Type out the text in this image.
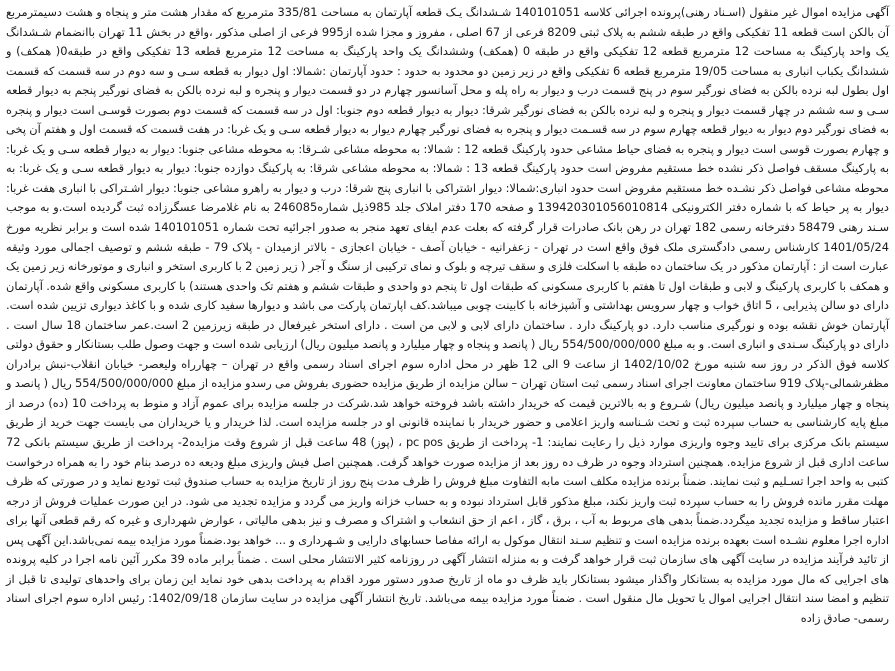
آگهی مزایده اموال غیر منقول (اسـناد رهنی)پرونده اجرائی کلاسه 140101051 شـشدانگ یـک قطعه آپارتمان به مساحت 335/81 مترمربع که مقدار هشت متر و پنجاه و هشت دسیمترمربع آن بالکن است قطعه 11 تفکیکی واقع در طبقه ششم به پلاک ثبتی 8209 فرعی از 67 اصلی ، مفروز و مجزا شده از995 فرعی از اصلی مذکور ،واقع در بخش 11 تهران باانضمام شـشدانگ یک واحد پارکینگ به مساحت 12 مترمربع قطعه 12 تفکیکی واقع در طبقه 0 (همکف) وششدانگ یک واحد پارکینگ به مساحت 12 مترمربع قطعه 13 تفکیکی واقع در طبقه0( همکف) و ششدانگ یکباب انباری به مساحت 19/05 مترمربع قطعه 6 تفکیکی واقع در زیر زمین دو محدود به حدود : حدود آپارتمان :شمالا: اول دیوار به قطعه سـی و سه دوم در سه قسمت که قسمت اول بطول لبه نرده بالکن به فضای نورگیر سوم در پنج قسمت درب و دیوار به راه پله و محل آسانسور چهارم در دو قسمت دیوار و پنجره و لبه نرده بالکن به فضای نورگیر پنجم به دیوار قطعه سـی و سه ششم در چهار قسمت دیوار و پنجره و لبه نرده بالکن به فضای نورگیر شرقا: دیوار به دیوار قطعه دوم جنوبا: اول در سه قسمت که قسمت دوم بصورت قوسـی است دیوار و پنجره به فضای نورگیر دوم دیوار به دیوار قطعه چهارم سوم در سه قسـمت دیوار و پنجره به فضای نورگیر چهارم دیوار به دیوار قطعه سـی و یک غربا: در هفت قسمت که قسمت اول و هفتم آن پخی و چهارم بصورت قوسی است دیوار و پنجره به فضای حیاط مشاعی حدود پارکینگ قطعه 12 : شمالا: به محوطه مشاعی شـرقا: به محوطه مشاعی جنوبا: دیوار به دیوار قطعه سـی و یک غربا: به پارکینگ مسقف فواصل ذکر نشده خط مستقیم مفروض است حدود پارکینگ قطعه 13 : شمالا: به محوطه مشاعی شرقا: به پارکینگ دوازده جنوبا: دیوار به دیوار قطعه سـی و یک غربا: به محوطه مشاعی فواصل ذکر نشـده خط مستقیم مفروض است حدود انباری:شمالا: دیوار اشتراکی با انباری پنج شرقا: درب و دیوار به راهرو مشاعی جنوبا: دیوار اشـتراکی با انباری هفت غربا: دیوار به پر حیاط که با شماره دفتر الکترونیکی 139420301056010814 و صفحه 170 دفتر املاک جلد 985ذیل شماره246085 به نام غلامرضا عسگرزاده ثبت گردیده است.و به موجب سـند رهنی 58479 دفترخانه رسمی 182 تهران در رهن بانک صادرات قرار گرفته که بعلت عدم ایفای تعهد منجر به صدور اجرائیه تحت شماره 140101051 شده است و برابر نظریه مورخ 1401/05/24 کارشناس رسمی دادگستری ملک فوق واقع است در تهران - زعفرانیه - خیابان آصف - خیابان اعجازی - بالاتر ازمیدان - پلاک 79 - طبقه ششم و توصیف اجمالی مورد وثیقه عبارت است از : آپارتمان مذکور در یک ساختمان ده طبقه با اسکلت فلزی و سقف تیرچه و بلوک و نمای ترکیبی از سنگ و آجر ( زیر زمین 2 با کاربری استخر و انباری و موتورخانه زیر زمین یک و همکف با کاربری پارکینگ و لابی و طبقات اول تا هفتم با کاربری مسکونی که طبقات اول تا پنجم دو واحدی و طبقات ششم و هفتم تک واحدی هستند) با کاربری مسکونی واقع شده. آپارتمان دارای دو سالن پذیرایی ، 5 اتاق خواب و چهار سرویس بهداشتی و آشپزخانه با کابینت چوبی میباشد.کف اپارتمان پارکت می باشد و دیوارها سفید کاری شده و با کاغذ دیواری تزیین شده است. آپارتمان خوش نقشه بوده و نورگیری مناسب دارد. دو پارکینگ دارد . ساختمان دارای لابی و لابی من است . دارای استخر غیرفعال در طبقه زیرزمین 2 است.عمر ساختمان 18 سال است . دارای دو پارکینگ سـندی و انباری است. و به مبلغ 554/500/000/000 ریال ( پانصد و پنجاه و چهار میلیارد و پانصد میلیون ریال) ارزیابی شده است و جهت وصول طلب بستانکار و حقوق دولتی کلاسه فوق الذکر در روز سه شنبه مورخ 1402/10/02 از ساعت 9 الی 12 ظهر در محل اداره سوم اجرای اسناد رسمی واقع در تهران – چهارراه ولیعصر- خیابان انقلاب-نبش برادران مظفرشمالی-پلاک 919 ساختمان معاونت اجرای اسناد رسمی ثبت استان تهران – سالن مزایده از طریق مزایده حضوری بفروش می رسدو مزایده از مبلغ 554/500/000/000 ریال ( پانصد و پنجاه و چهار میلیارد و پانصد میلیون ریال) شـروع و به بالاترین قیمت که خریدار داشته باشد فروخته خواهد شد.شرکت در جلسه مزایده برای عموم آزاد و منوط به پرداخت 10 (ده) درصد از مبلغ پایه کارشناسی به حساب سپرده ثبت و تحت شـناسه واریز اعلامی و حضور خریدار با نماینده قانونی او در جلسه مزایده است. لذا خریدار و یا خریداران می بایست جهت خرید از طریق سیستم بانک مرکزی برای تایید وجوه واریزی موارد ذیل را رعایت نمایند: 1- پرداخت از طریق pc pos ، (پوز) 48 ساعت قبل از شروع وقت مزایده2- پرداخت از طریق سیستم بانکی 72 ساعت اداری قبل از شروع مزایده. همچنین استرداد وجوه در ظرف ده روز بعد از مزایده صورت خواهد گرفت. همچنین اصل فیش واریزی مبلغ ودیعه ده درصد بنام خود را به همراه درخواست کتبی به واحد اجرا تسـلیم و ثبت نمایند. ضمناً برنده مزایده مکلف است مابه التفاوت مبلغ فروش را ظرف مدت پنج روز از تاریخ مزایده به حساب صندوق ثبت تودیع نماید و در صورتی که ظرف مهلت مقرر مانده فروش را به حساب سپرده ثبت واریز نکند، مبلغ مذکور قابل استرداد نبوده و به حساب خزانه واریز می گردد و مزایده تجدید می شود. در این صورت عملیات فروش از درجه اعتبار ساقط و مزایده تجدید میگردد.ضمناً بدهی های مربوط به آب ، برق ، گاز ، اعم از حق انشعاب و اشتراک و مصرف و نیز بدهی مالیاتی ، عوارض شهرداری و غیره که رقم قطعی آنها برای اداره اجرا معلوم نشـده است بعهده برنده مزایده است و تنظیم سـند انتقال موکول به ارائه مفاصا حسابهای دارایی و شـهرداری و ... خواهد بود.ضمناً مورد مزایده بیمه نمی‌باشد.این آگهی پس از تائید فرآیند مزایده در سایت آگهی های سازمان ثبت قرار خواهد گرفت و به منزله انتشار آگهی در روزنامه کثیر الانتشار محلی است . ضمناً برابر ماده 39 مکرر آئین نامه اجرا در کلیه پرونده های اجرایی که مال مورد مزایده به بستانکار واگذار میشود بستانکار باید ظرف دو ماه از تاریخ صدور دستور مورد اقدام به پرداخت بدهی خود نماید این زمان برای واحدهای تولیدی تا قبل از تنظیم و امضا سند انتقال اجرایی اموال یا تحویل مال منقول است . ضمناً مورد مزایده بیمه می‌باشد. تاریخ انتشار آگهی مزایده در سایت سازمان 1402/09/18: رئیس اداره سوم اجرای اسناد رسمی- صادق زاده
